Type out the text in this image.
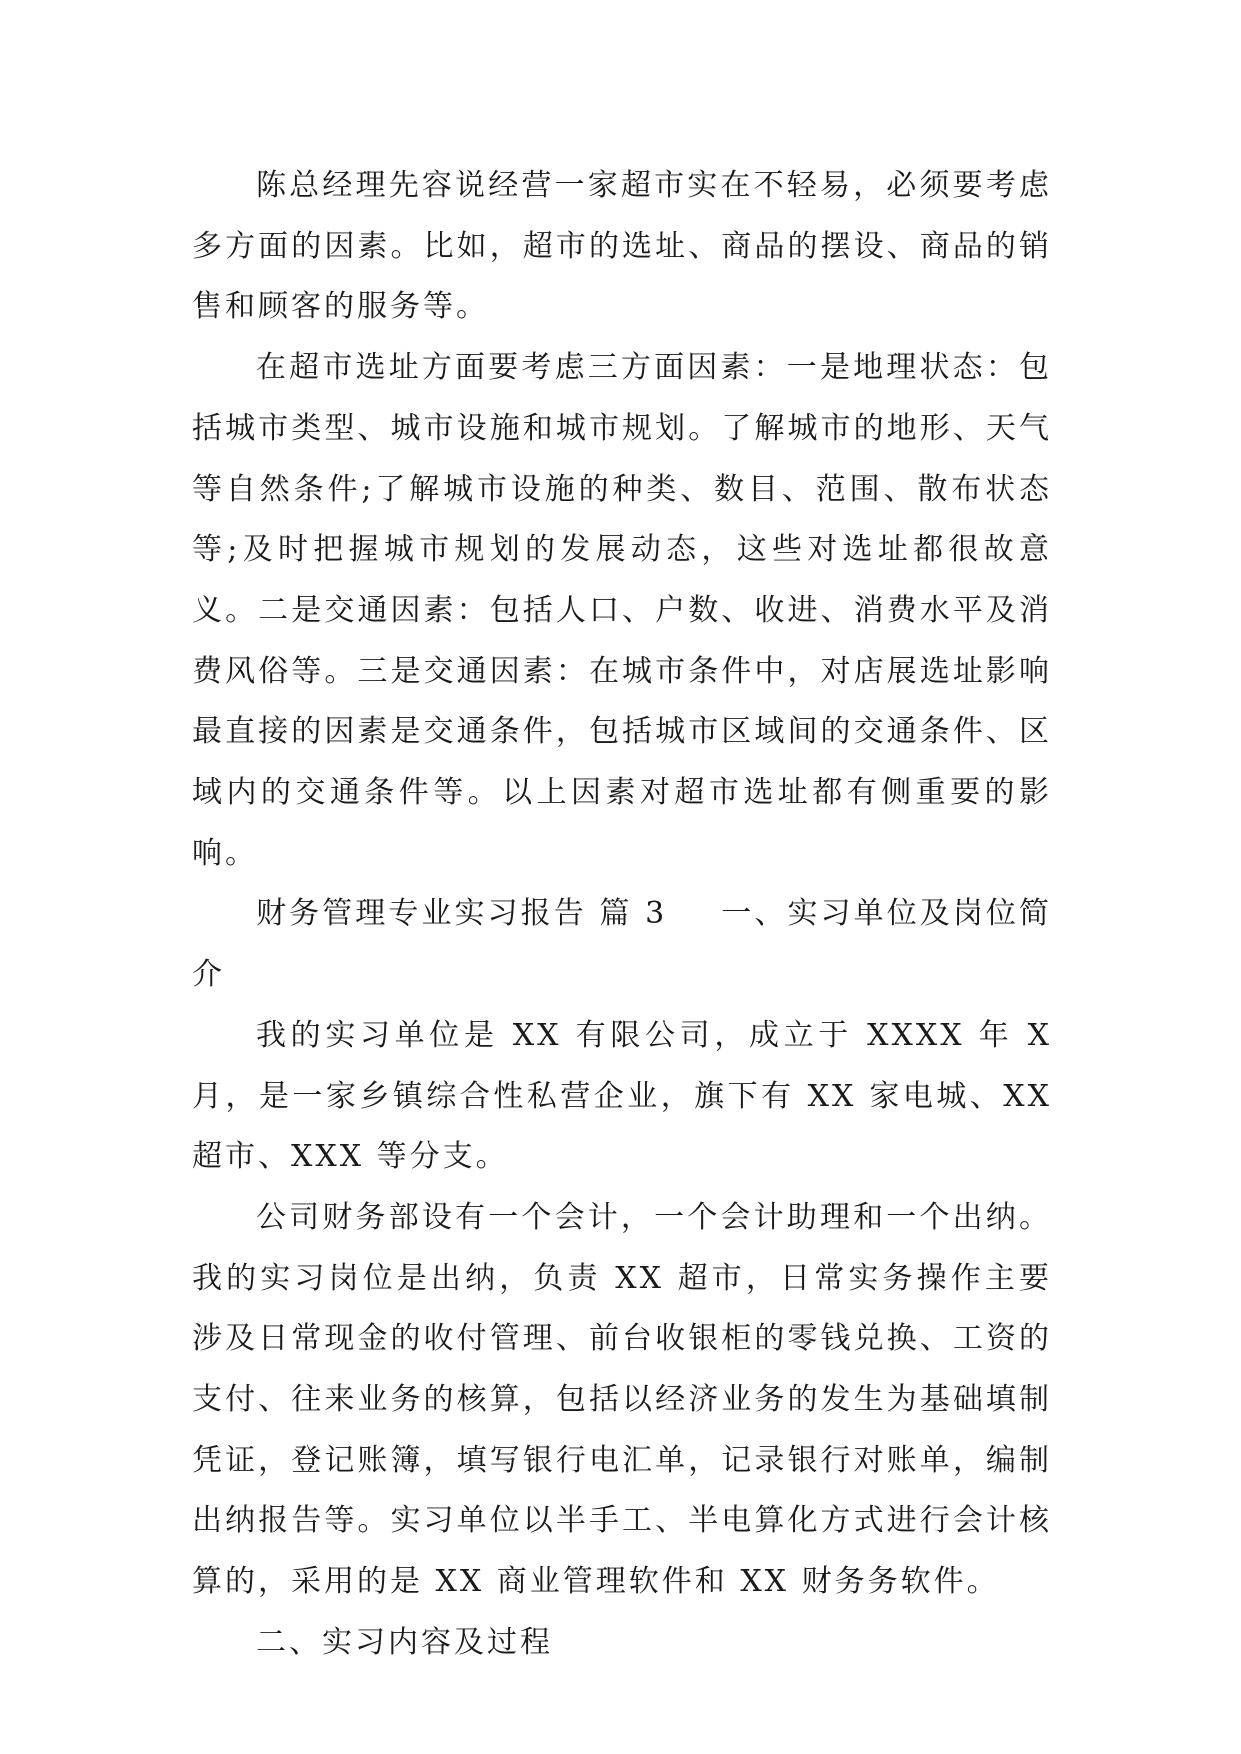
陈总经理先容说经营一家超市实在不轻易，必须要考虑多方面的因素。比如，超市的选址、商品的摆设、商品的销售和顾客的服务等。

在超市选址方面要考虑三方面因素：一是地理状态：包括城市类型、城市设施和城市规划。了解城市的地形、天气等自然条件;了解城市设施的种类、数目、范围、散布状态等;及时把握城市规划的发展动态，这些对选址都很故意义。二是交通因素：包括人口、户数、收进、消费水平及消费风俗等。三是交通因素：在城市条件中，对店展选址影响最直接的因素是交通条件，包括城市区域间的交通条件、区域内的交通条件等。以上因素对超市选址都有侧重要的影响。

财务管理专业实习报告 篇 3 一、实习单位及岗位简介

我的实习单位是 XX 有限公司，成立于 XXXX 年 X 月，是一家乡镇综合性私营企业，旗下有 XX 家电城、XX 超市、XXX 等分支。

公司财务部设有一个会计，一个会计助理和一个出纳。我的实习岗位是出纳，负责 XX 超市，日常实务操作主要涉及日常现金的收付管理、前台收银柜的零钱兑换、工资的支付、往来业务的核算，包括以经济业务的发生为基础填制凭证，登记账簿，填写银行电汇单，记录银行对账单，编制出纳报告等。实习单位以半手工、半电算化方式进行会计核算的，采用的是 XX 商业管理软件和 XX 财务务软件。

二、实习内容及过程
